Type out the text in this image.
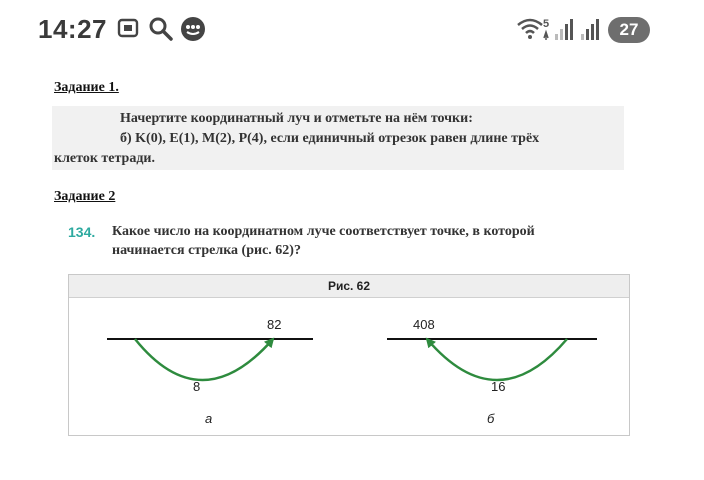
14:27	5	27
Задание 1.
Начертите координатный луч и отметьте на нём точки:
б) K(0), E(1), M(2), P(4), если единичный отрезок равен длине трёх
клеток тетради.
Задание 2
134. Какое число на координатном луче соответствует точке, в которой
начинается стрелка (рис. 62)?
Рис. 62
82
8
а
408
16
б
